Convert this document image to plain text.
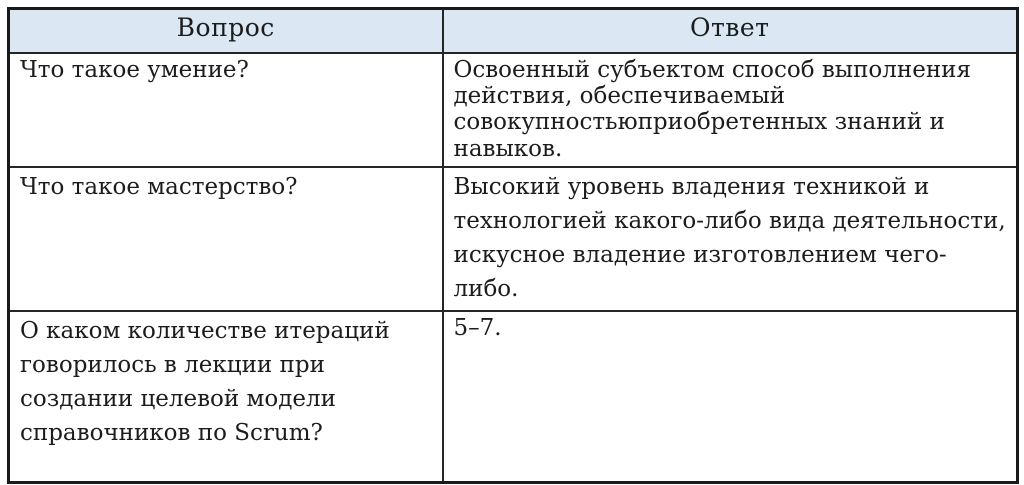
Вопрос	Ответ
Что такое умение?	Освоенный субъектом способ выполнения действия, обеспечиваемый совокупностьюприобретенных знаний и навыков.
Что такое мастерство?	Высокий уровень владения техникой и технологией какого-либо вида деятельности, искусное владение изготовлением чего-либо.
О каком количестве итераций говорилось в лекции при создании целевой модели справочников по Scrum?	5–7.
